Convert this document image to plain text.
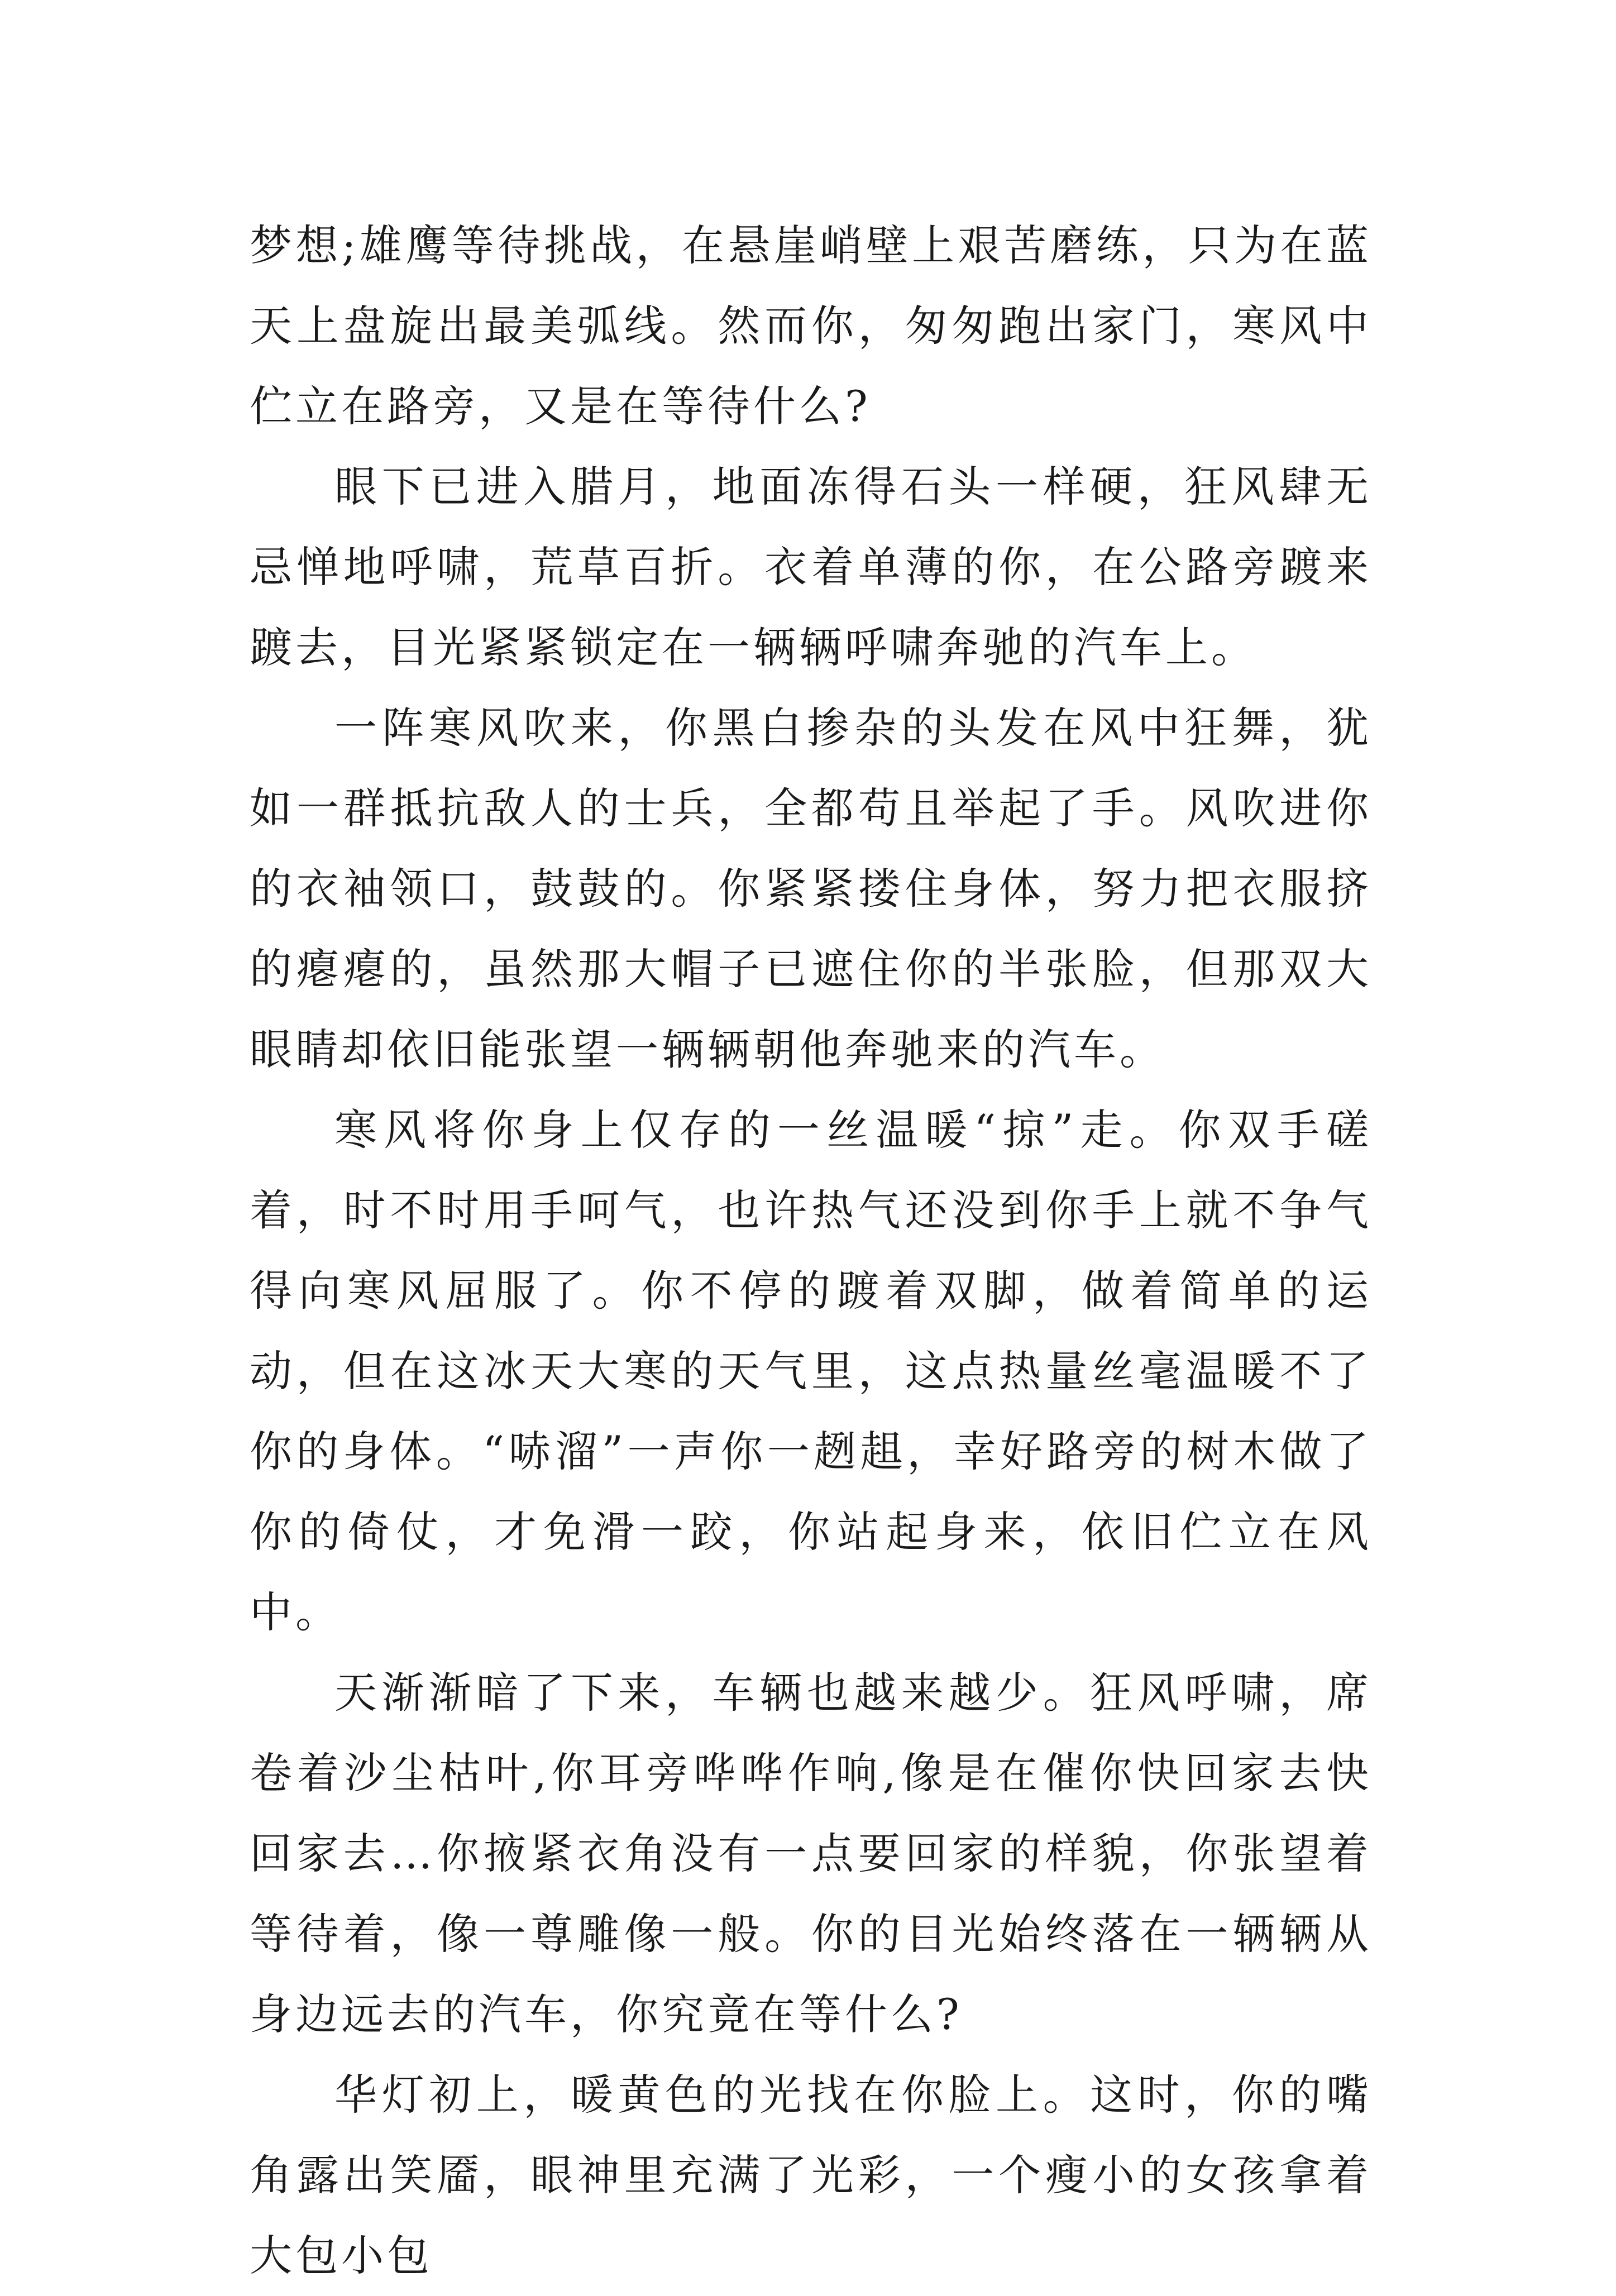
梦想;雄鹰等待挑战，在悬崖峭壁上艰苦磨练，只为在蓝天上盘旋出最美弧线。然而你，匆匆跑出家门，寒风中伫立在路旁，又是在等待什么?

眼下已进入腊月，地面冻得石头一样硬，狂风肆无忌惮地呼啸，荒草百折。衣着单薄的你，在公路旁踱来踱去，目光紧紧锁定在一辆辆呼啸奔驰的汽车上。

一阵寒风吹来，你黑白掺杂的头发在风中狂舞，犹如一群抵抗敌人的士兵，全都苟且举起了手。风吹进你的衣袖领口，鼓鼓的。你紧紧搂住身体，努力把衣服挤的瘪瘪的，虽然那大帽子已遮住你的半张脸，但那双大眼睛却依旧能张望一辆辆朝他奔驰来的汽车。

寒风将你身上仅存的一丝温暖“掠”走。你双手磋着，时不时用手呵气，也许热气还没到你手上就不争气得向寒风屈服了。你不停的踱着双脚，做着简单的运动，但在这冰天大寒的天气里，这点热量丝毫温暖不了你的身体。“哧溜”一声你一趔趄，幸好路旁的树木做了你的倚仗，才免滑一跤，你站起身来，依旧伫立在风中。

天渐渐暗了下来，车辆也越来越少。狂风呼啸，席卷着沙尘枯叶,你耳旁哗哗作响,像是在催你快回家去快回家去…你掖紧衣角没有一点要回家的样貌，你张望着等待着，像一尊雕像一般。你的目光始终落在一辆辆从身边远去的汽车，你究竟在等什么?

华灯初上，暖黄色的光找在你脸上。这时，你的嘴角露出笑靥，眼神里充满了光彩，一个瘦小的女孩拿着大包小包
